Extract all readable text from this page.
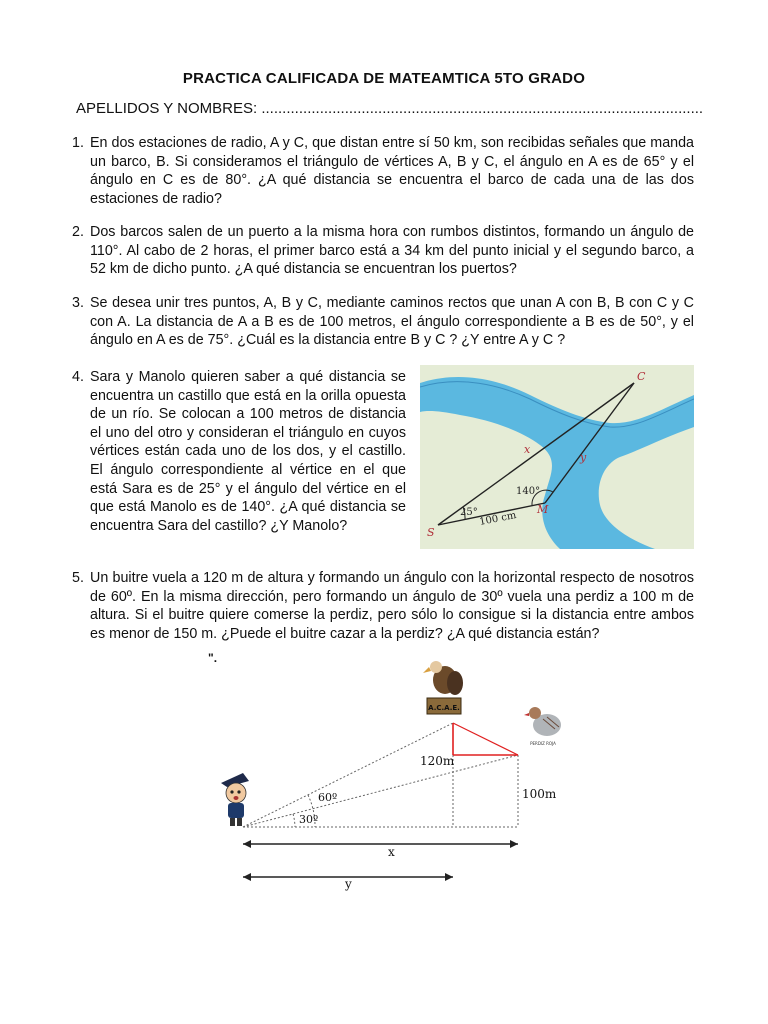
PRACTICA CALIFICADA DE MATEAMTICA 5TO GRADO
APELLIDOS Y NOMBRES: ..........................................................................................................
1. En dos estaciones de radio, A y C, que distan entre sí 50 km, son recibidas señales que manda un barco, B. Si consideramos el triángulo de vértices A, B y C, el ángulo en A es de 65° y el ángulo en C es de 80°. ¿A qué distancia se encuentra el barco de cada una de las dos estaciones de radio?
2. Dos barcos salen de un puerto a la misma hora con rumbos distintos, formando un ángulo de 110°. Al cabo de 2 horas, el primer barco está a 34 km del punto inicial y el segundo barco, a 52 km de dicho punto. ¿A qué distancia se encuentran los puertos?
3. Se desea unir tres puntos, A, B y C, mediante caminos rectos que unan A con B, B con C y C con A. La distancia de A a B es de 100 metros, el ángulo correspondiente a B es de 50°, y el ángulo en A es de 75°. ¿Cuál es la distancia entre B y C ? ¿Y entre A y C ?
4. Sara y Manolo quieren saber a qué distancia se encuentra un castillo que está en la orilla opuesta de un río. Se colocan a 100 metros de distancia el uno del otro y consideran el triángulo en cuyos vértices están cada uno de los dos, y el castillo. El ángulo correspondiente al vértice en el que está Sara es de 25° y el ángulo del vértice en el que está Manolo es de 140°. ¿A qué distancia se encuentra Sara del castillo? ¿Y Manolo?
C
S
M
x
y
25°
140°
100 cm
5. Un buitre vuela a 120 m de altura y formando un ángulo con la horizontal respecto de nosotros de 60º. En la misma dirección, pero formando un ángulo de 30º vuela una perdiz a 100 m de altura. Si el buitre quiere comerse la perdiz, pero sólo lo consigue si la distancia entre ambos es menor de 150 m. ¿Puede el buitre cazar a la perdiz? ¿A qué distancia están?
".
A.C.A.E.
PERDIZ ROJA
60º
30º
120m
100m
x
y
